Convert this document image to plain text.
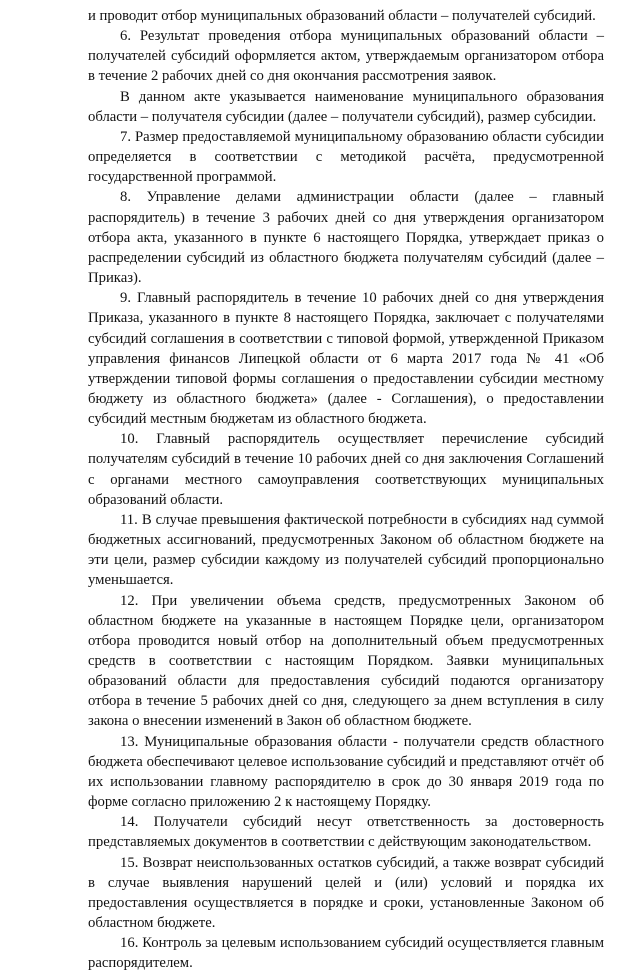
и проводит отбор муниципальных образований области – получателей субсидий.

6. Результат проведения отбора муниципальных образований области – получателей субсидий оформляется актом, утверждаемым организатором отбора в течение 2 рабочих дней со дня окончания рассмотрения заявок.

В данном акте указывается наименование муниципального образования области – получателя субсидии (далее – получатели субсидий), размер субсидии.

7. Размер предоставляемой муниципальному образованию области субсидии определяется в соответствии с методикой расчёта, предусмотренной государственной программой.

8. Управление делами администрации области (далее – главный распорядитель) в течение 3 рабочих дней со дня утверждения организатором отбора акта, указанного в пункте 6 настоящего Порядка, утверждает приказ о распределении субсидий из областного бюджета получателям субсидий (далее – Приказ).

9. Главный распорядитель в течение 10 рабочих дней со дня утверждения Приказа, указанного в пункте 8 настоящего Порядка, заключает с получателями субсидий соглашения в соответствии с типовой формой, утвержденной Приказом управления финансов Липецкой области от 6 марта 2017 года № 41 «Об утверждении типовой формы соглашения о предоставлении субсидии местному бюджету из областного бюджета» (далее - Соглашения), о предоставлении субсидий местным бюджетам из областного бюджета.

10. Главный распорядитель осуществляет перечисление субсидий получателям субсидий в течение 10 рабочих дней со дня заключения Соглашений с органами местного самоуправления соответствующих муниципальных образований области.

11. В случае превышения фактической потребности в субсидиях над суммой бюджетных ассигнований, предусмотренных Законом об областном бюджете на эти цели, размер субсидии каждому из получателей субсидий пропорционально уменьшается.

12. При увеличении объема средств, предусмотренных Законом об областном бюджете на указанные в настоящем Порядке цели, организатором отбора проводится новый отбор на дополнительный объем предусмотренных средств в соответствии с настоящим Порядком. Заявки муниципальных образований области для предоставления субсидий подаются организатору отбора в течение 5 рабочих дней со дня, следующего за днем вступления в силу закона о внесении изменений в Закон об областном бюджете.

13. Муниципальные образования области - получатели средств областного бюджета обеспечивают целевое использование субсидий и представляют отчёт об их использовании главному распорядителю в срок до 30 января 2019 года по форме согласно приложению 2 к настоящему Порядку.

14. Получатели субсидий несут ответственность за достоверность представляемых документов в соответствии с действующим законодательством.

15. Возврат неиспользованных остатков субсидий, а также возврат субсидий в случае выявления нарушений целей и (или) условий и порядка их предоставления осуществляется в порядке и сроки, установленные Законом об областном бюджете.

16. Контроль за целевым использованием субсидий осуществляется главным распорядителем.
